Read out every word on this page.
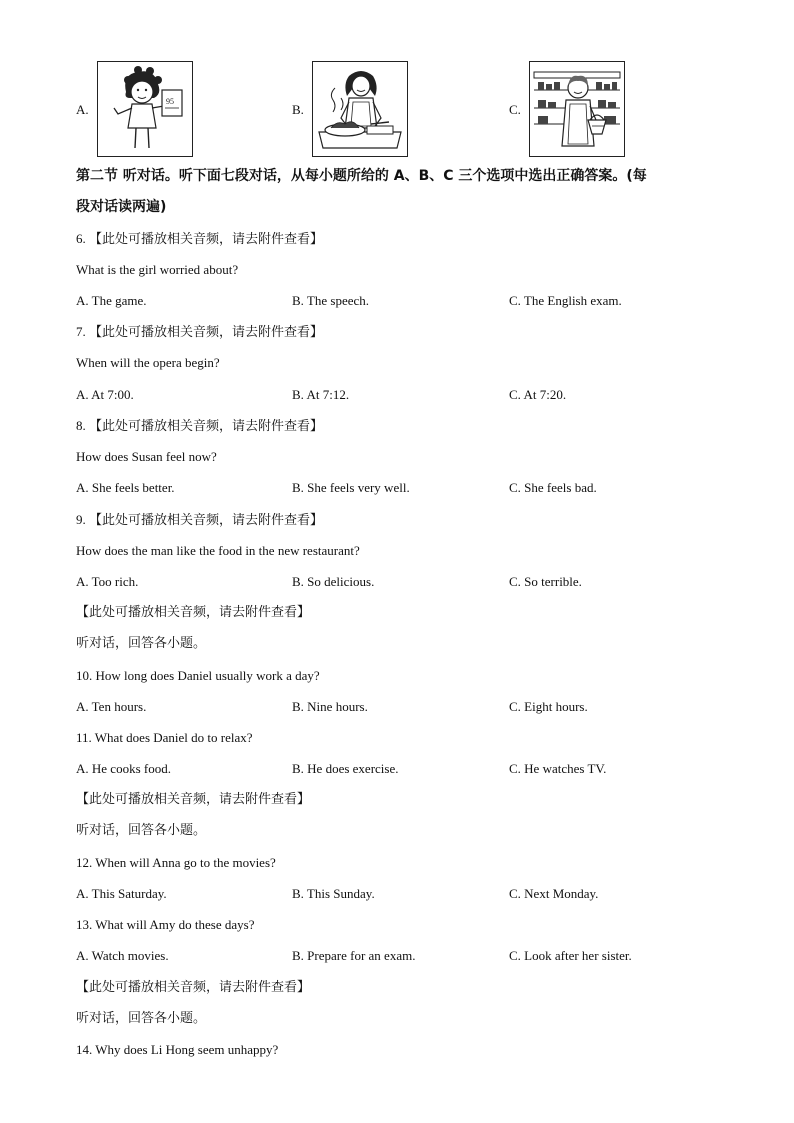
A.
95
B.	C.
第二节 听对话。听下面七段对话，从每小题所给的 A、B、C 三个选项中选出正确答案。(每
段对话读两遍)
6. 【此处可播放相关音频，请去附件查看】
What is the girl worried about?
A. The game.	B. The speech.	C. The English exam.
7. 【此处可播放相关音频，请去附件查看】
When will the opera begin?
A. At 7:00.	B. At 7:12.	C. At 7:20.
8. 【此处可播放相关音频，请去附件查看】
How does Susan feel now?
A. She feels better.	B. She feels very well.	C. She feels bad.
9. 【此处可播放相关音频，请去附件查看】
How does the man like the food in the new restaurant?
A. Too rich.	B. So delicious.	C. So terrible.
【此处可播放相关音频，请去附件查看】
听对话，回答各小题。
10. How long does Daniel usually work a day?
A. Ten hours.	B. Nine hours.	C. Eight hours.
11. What does Daniel do to relax?
A. He cooks food.	B. He does exercise.	C. He watches TV.
【此处可播放相关音频，请去附件查看】
听对话，回答各小题。
12. When will Anna go to the movies?
A. This Saturday.	B. This Sunday.	C. Next Monday.
13. What will Amy do these days?
A. Watch movies.	B. Prepare for an exam.	C. Look after her sister.
【此处可播放相关音频，请去附件查看】
听对话，回答各小题。
14. Why does Li Hong seem unhappy?
